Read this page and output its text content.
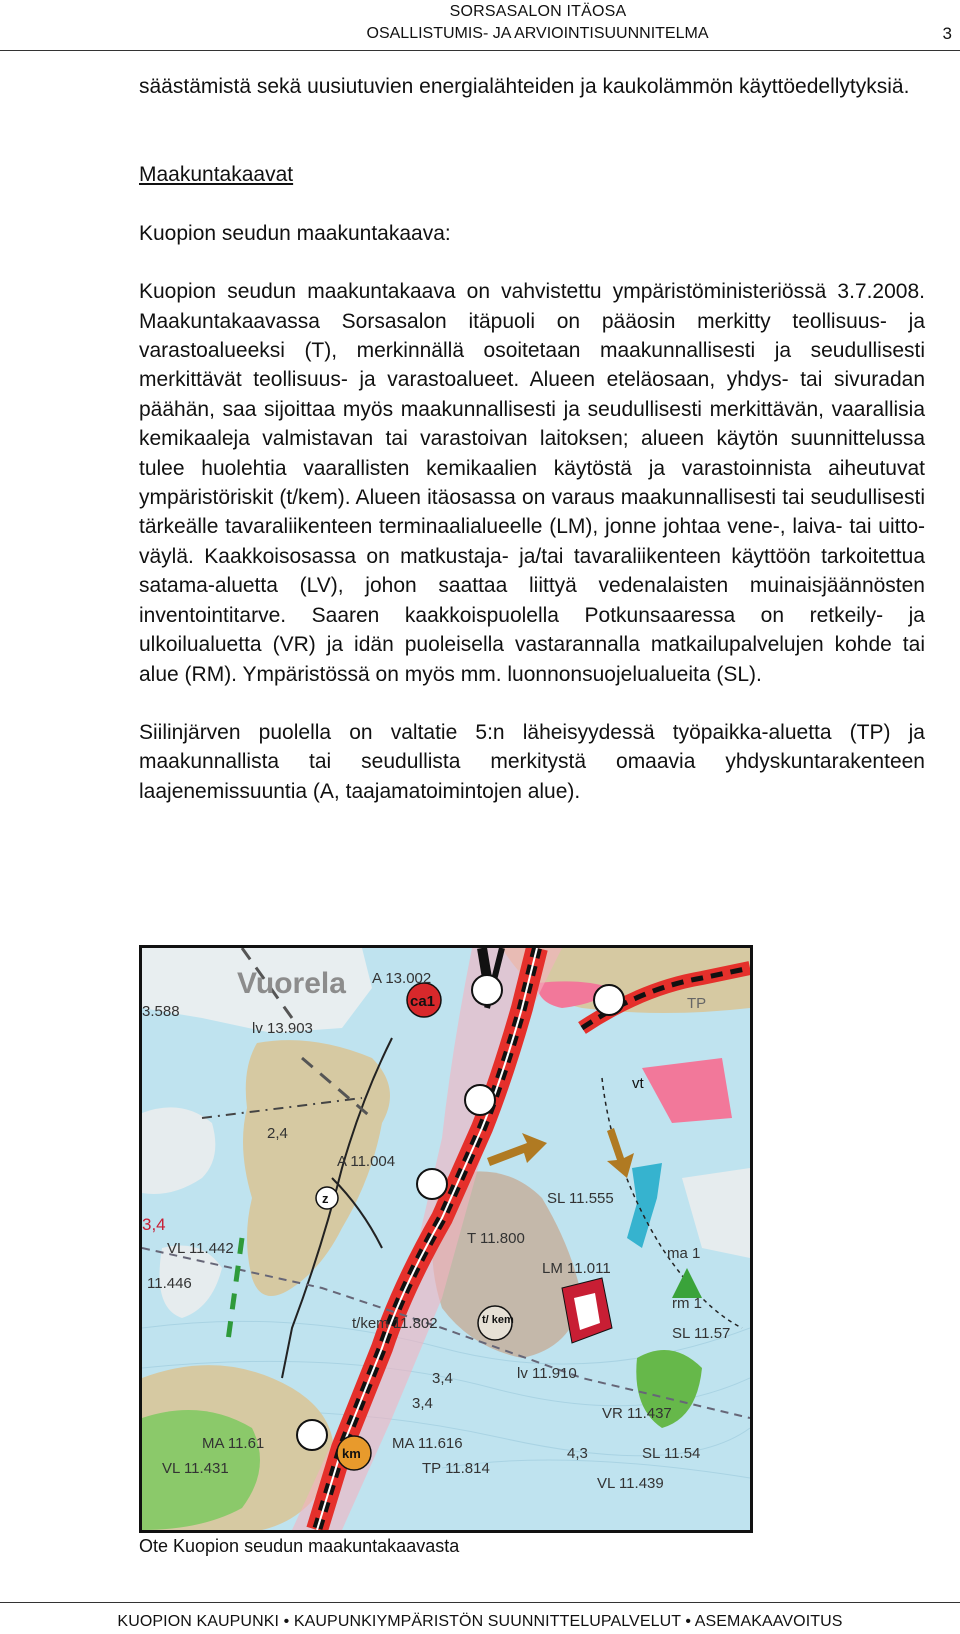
SORSASALON ITÄOSA
OSALLISTUMIS- JA ARVIOINTISUUNNITELMA	3

säästämistä sekä uusiutuvien energialähteiden ja kaukolämmön käyttöedellytyksiä.

Maakuntakaavat

Kuopion seudun maakuntakaava:

Kuopion seudun maakuntakaava on vahvistettu ympäristöministeriössä 3.7.2008. Maakuntakaavassa Sorsasalon itäpuoli on pääosin merkitty teollisuus- ja varastoalueeksi (T), merkinnällä osoitetaan maakunnallisesti ja seudullisesti merkittävät teollisuus- ja varastoalueet. Alueen eteläosaan, yhdys- tai sivuradan päähän, saa sijoittaa myös maakunnallisesti ja seudullisesti merkittävän, vaarallisia kemikaaleja valmistavan tai varastoivan laitoksen; alueen käytön suunnittelussa tulee huolehtia vaarallisten kemikaalien käytöstä ja varastoinnista aiheutuvat ympäristöriskit (t/kem). Alueen itäosassa on varaus maakunnallisesti tai seudullisesti tärkeälle tavaraliikenteen terminaalialueelle (LM), jonne johtaa vene-, laiva- tai uittoväylä. Kaakkoisosassa on matkustaja- ja/tai tavaraliikenteen käyttöön tarkoitettua satama-aluetta (LV), johon saattaa liittyä vedenalaisten muinaisjäännösten inventointitarve. Saaren kaakkoispuolella Potkunsaaressa on retkeily- ja ulkoilualuetta (VR) ja idän puoleisella vastarannalla matkailupalvelujen kohde tai alue (RM). Ympäristössä on myös mm. luonnonsuojelualueita (SL).

Siilinjärven puolella on valtatie 5:n läheisyydessä työpaikka-aluetta (TP) ja maakunnallista tai seudullista merkitystä omaavia yhdyskuntarakenteen laajenemissuuntia (A, taajamatoimintojen alue).

Vuorela A 13.002
ca1
lv 13.903
TP
vt
A 11.004
z	SL 11.555
T 11.800
ma 1
LM 11.011
rm 1
3,4
VL 11.442
11.446
t/kem 11.802	t/ kem
SL 11.57
3,4	lv 11.910
3,4
VR 11.437
MA 11.61	MA 11.616
VL 11.431
km
TP 11.814
4,3	SL 11.54
VL 11.439
2,4
3.588
Ote Kuopion seudun maakuntakaavasta
KUOPION KAUPUNKI • KAUPUNKIYMPÄRISTÖN SUUNNITTELUPALVELUT • ASEMAKAAVOITUS
